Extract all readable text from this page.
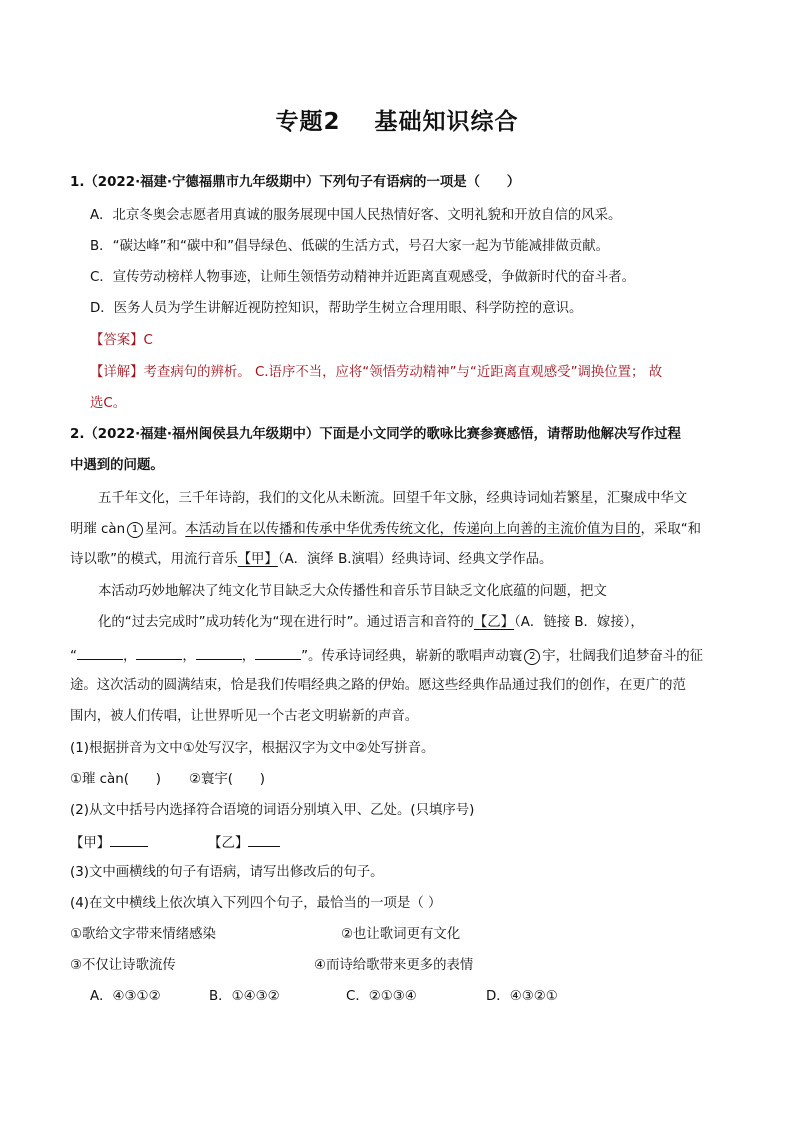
专题2 基础知识综合
1.（2022·福建·宁德福鼎市九年级期中）下列句子有语病的一项是（　　）
A．北京冬奥会志愿者用真诚的服务展现中国人民热情好客、文明礼貌和开放自信的风采。
B．“碳达峰”和“碳中和”倡导绿色、低碳的生活方式，号召大家一起为节能减排做贡献。
C．宣传劳动榜样人物事迹，让师生领悟劳动精神并近距离直观感受，争做新时代的奋斗者。
D．医务人员为学生讲解近视防控知识，帮助学生树立合理用眼、科学防控的意识。
【答案】C
【详解】考查病句的辨析。 C.语序不当，应将“领悟劳动精神”与“近距离直观感受”调换位置； 故
选C。
2.（2022·福建·福州闽侯县九年级期中）下面是小文同学的歌咏比赛参赛感悟，请帮助他解决写作过程
中遇到的问题。
五千年文化，三千年诗韵，我们的文化从未断流。回望千年文脉，经典诗词灿若繁星，汇聚成中华文
明璀 càn 1 星河。本活动旨在以传播和传承中华优秀传统文化，传递向上向善的主流价值为目的，采取“和
诗以歌”的模式，用流行音乐【甲】（A．演绎 B.演唱）经典诗词、经典文学作品。
本活动巧妙地解决了纯文化节目缺乏大众传播性和音乐节目缺乏文化底蕴的问题，把文
化的“过去完成时”成功转化为“现在进行时”。通过语言和音符的【乙】（A．链接 B．嫁接），
“	，	，	，	”。传承诗词经典，崭新的歌唱声动寰 2 宇，壮阔我们追梦奋斗的征
途。这次活动的圆满结束，恰是我们传唱经典之路的伊始。愿这些经典作品通过我们的创作，在更广的范
围内，被人们传唱，让世界听见一个古老文明崭新的声音。
(1)根据拼音为文中①处写汉字，根据汉字为文中②处写拼音。
①璀 càn(　　) ②寰宇(　　)
(2)从文中括号内选择符合语境的词语分别填入甲、乙处。(只填序号)
【甲】	【乙】
(3)文中画横线的句子有语病，请写出修改后的句子。
(4)在文中横线上依次填入下列四个句子，最恰当的一项是（ ）
①歌给文字带来情绪感染	②也让歌词更有文化
③不仅让诗歌流传	④而诗给歌带来更多的表情
A．④③①②	B．①④③②	C．②①③④	D．④③②①
